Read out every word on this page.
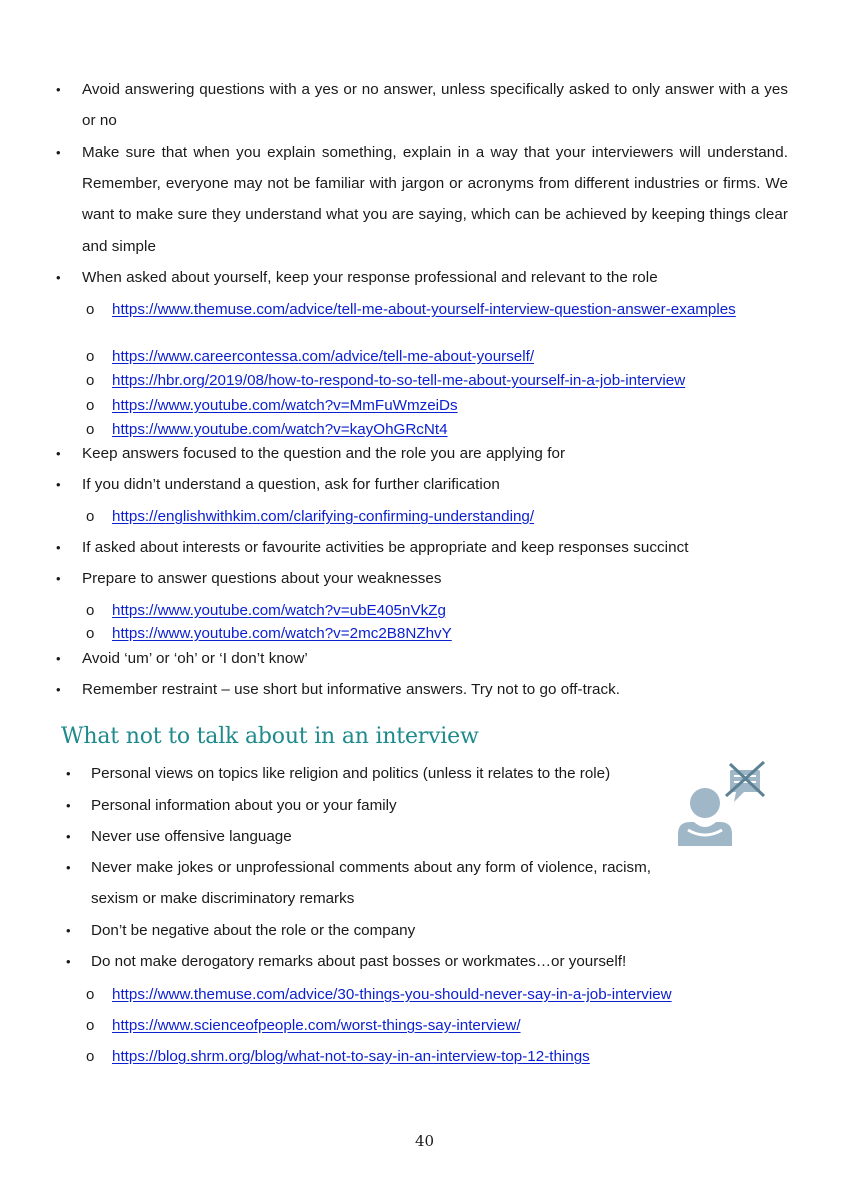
• Avoid answering questions with a yes or no answer, unless specifically asked to only answer with a yes or no
• Make sure that when you explain something, explain in a way that your interviewers will understand. Remember, everyone may not be familiar with jargon or acronyms from different industries or firms. We want to make sure they understand what you are saying, which can be achieved by keeping things clear and simple
• When asked about yourself, keep your response professional and relevant to the role
o https://www.themuse.com/advice/tell-me-about-yourself-interview-question-answer-examples
o https://www.careercontessa.com/advice/tell-me-about-yourself/
o https://hbr.org/2019/08/how-to-respond-to-so-tell-me-about-yourself-in-a-job-interview
o https://www.youtube.com/watch?v=MmFuWmzeiDs
o https://www.youtube.com/watch?v=kayOhGRcNt4
• Keep answers focused to the question and the role you are applying for
• If you didn’t understand a question, ask for further clarification
o https://englishwithkim.com/clarifying-confirming-understanding/
• If asked about interests or favourite activities be appropriate and keep responses succinct
• Prepare to answer questions about your weaknesses
o https://www.youtube.com/watch?v=ubE405nVkZg
o https://www.youtube.com/watch?v=2mc2B8NZhvY
• Avoid ‘um’ or ‘oh’ or ‘I don’t know’
• Remember restraint – use short but informative answers. Try not to go off-track.
What not to talk about in an interview
• Personal views on topics like religion and politics (unless it relates to the role)
• Personal information about you or your family
• Never use offensive language
• Never make jokes or unprofessional comments about any form of violence, racism, sexism or make discriminatory remarks
• Don’t be negative about the role or the company
• Do not make derogatory remarks about past bosses or workmates…or yourself!
o https://www.themuse.com/advice/30-things-you-should-never-say-in-a-job-interview
o https://www.scienceofpeople.com/worst-things-say-interview/
o https://blog.shrm.org/blog/what-not-to-say-in-an-interview-top-12-things
40
